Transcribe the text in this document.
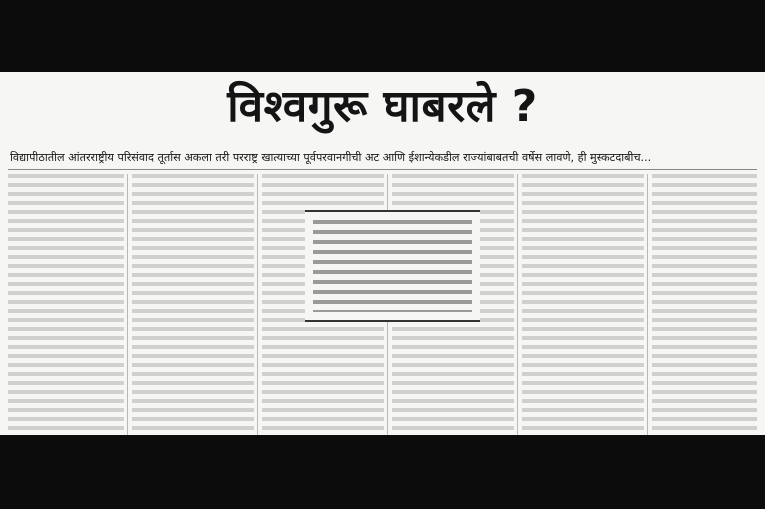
विश्वगुरू घाबरले ?
विद्यापीठातील आंतरराष्ट्रीय परिसंवाद तूर्तास अकला तरी परराष्ट्र खात्याच्या पूर्वपरवानगीची अट आणि ईशान्येकडील राज्यांबाबतची वर्षेस लावणे, ही मुस्कटदाबीच...
